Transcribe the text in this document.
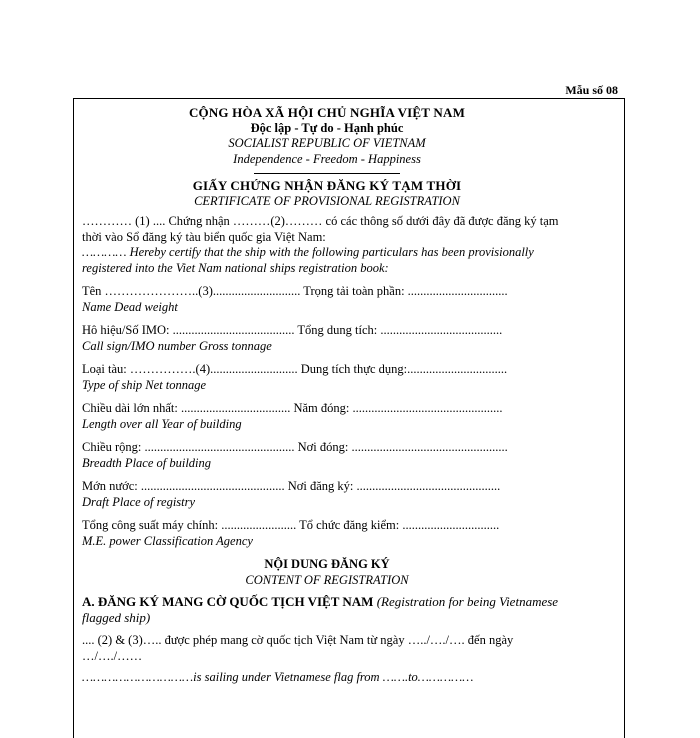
Mẫu số 08

CỘNG HÒA XÃ HỘI CHỦ NGHĨA VIỆT NAM

Độc lập - Tự do - Hạnh phúc

SOCIALIST REPUBLIC OF VIETNAM

Independence - Freedom - Happiness

GIẤY CHỨNG NHẬN ĐĂNG KÝ TẠM THỜI

CERTIFICATE OF PROVISIONAL REGISTRATION

………… (1) .... Chứng nhận ………(2)……… có các thông số dưới đây đã được đăng ký tạm thời vào Sổ đăng ký tàu biển quốc gia Việt Nam:

………… Hereby certify that the ship with the following particulars has been provisionally registered into the Viet Nam national ships registration book:

Tên …………………..(3)............................ Trọng tải toàn phần: ................................

Name Dead weight

Hô hiệu/Số IMO: ....................................... Tổng dung tích: .......................................

Call sign/IMO number Gross tonnage

Loại tàu: …………….(4)............................ Dung tích thực dụng:................................

Type of ship Net tonnage

Chiều dài lớn nhất: ................................... Năm đóng: ................................................

Length over all Year of building

Chiều rộng: ................................................ Nơi đóng: ..................................................

Breadth Place of building

Mớn nước: .............................................. Nơi đăng ký: ..............................................

Draft Place of registry

Tổng công suất máy chính: ........................ Tổ chức đăng kiểm: ...............................

M.E. power Classification Agency

NỘI DUNG ĐĂNG KÝ

CONTENT OF REGISTRATION

A. ĐĂNG KÝ MANG CỜ QUỐC TỊCH VIỆT NAM (Registration for being Vietnamese flagged ship)

.... (2) & (3)….. được phép mang cờ quốc tịch Việt Nam từ ngày …../…./…. đến ngày …/…./……

…………………………is sailing under Vietnamese flag from …….to……………
